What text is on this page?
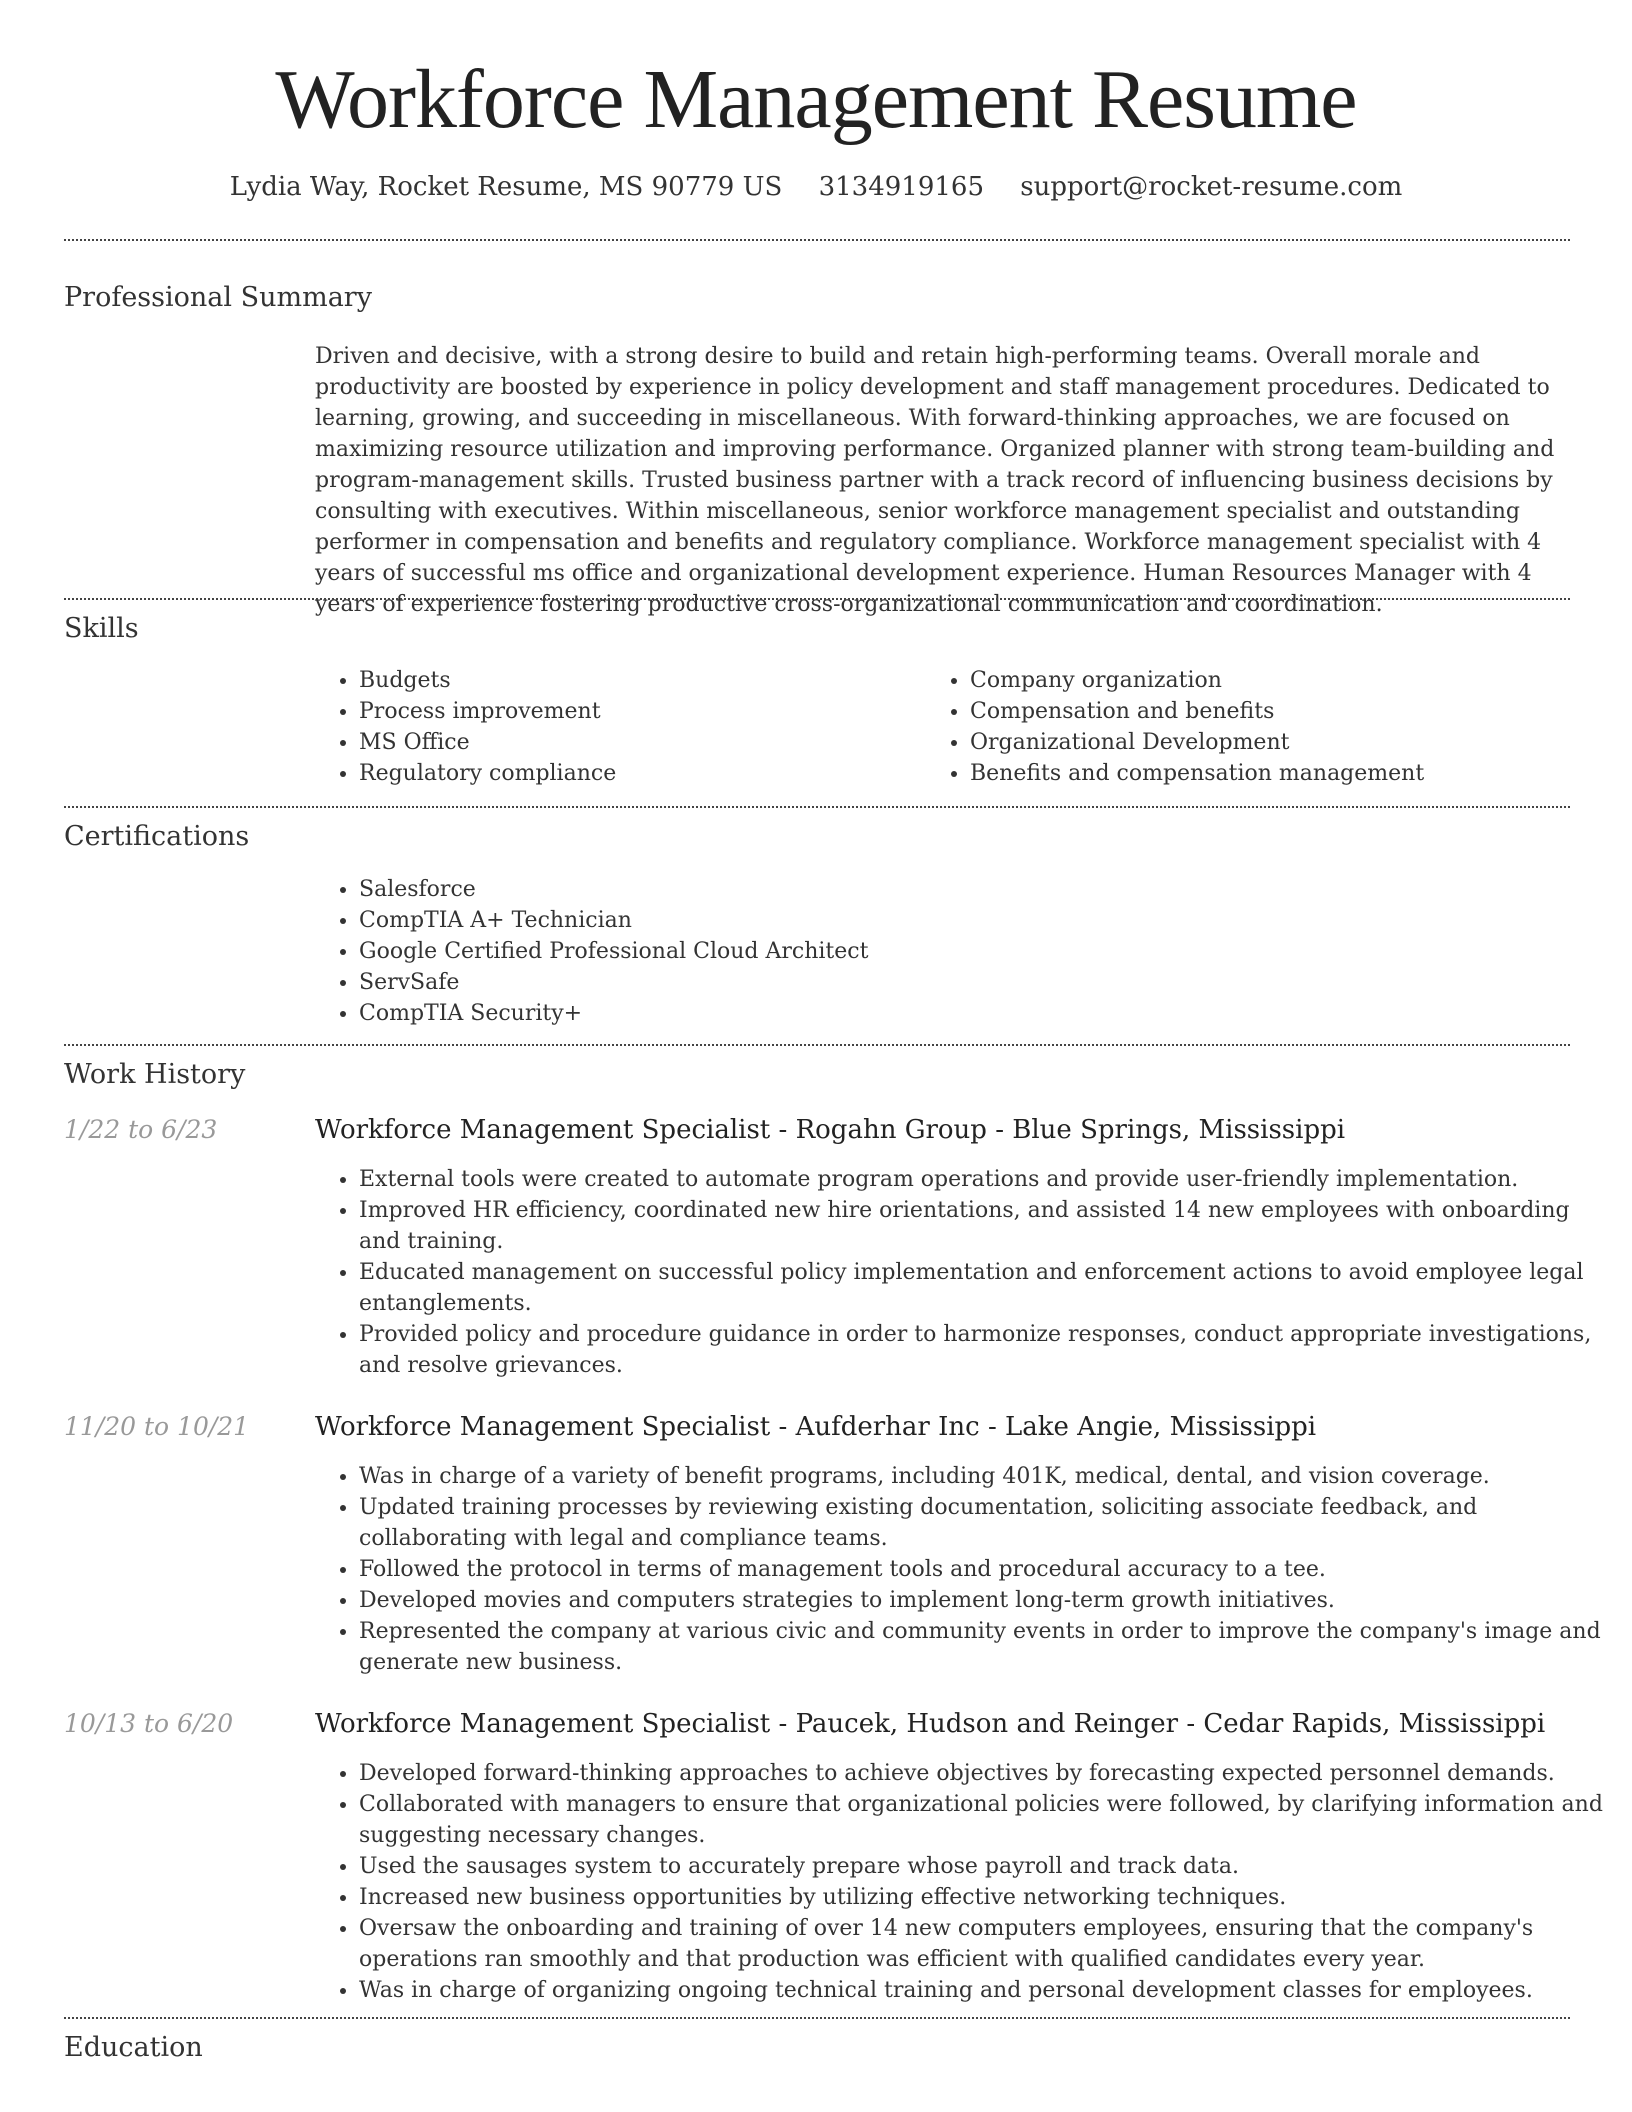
Workforce Management Resume
Lydia Way, Rocket Resume, MS 90779 US 3134919165 support@rocket-resume.com
Professional Summary

Driven and decisive, with a strong desire to build and retain high-performing teams. Overall morale and productivity are boosted by experience in policy development and staff management procedures. Dedicated to learning, growing, and succeeding in miscellaneous. With forward-thinking approaches, we are focused on maximizing resource utilization and improving performance. Organized planner with strong team-building and program-management skills. Trusted business partner with a track record of influencing business decisions by consulting with executives. Within miscellaneous, senior workforce management specialist and outstanding performer in compensation and benefits and regulatory compliance. Workforce management specialist with 4 years of successful ms office and organizational development experience. Human Resources Manager with 4 years of experience fostering productive cross-organizational communication and coordination.

Skills
• Budgets
• Process improvement
• MS Office
• Regulatory compliance
• Company organization
• Compensation and benefits
• Organizational Development
• Benefits and compensation management
Certifications
• Salesforce
• CompTIA A+ Technician
• Google Certified Professional Cloud Architect
• ServSafe
• CompTIA Security+
Work History
1/22 to 6/23	Workforce Management Specialist - Rogahn Group - Blue Springs, Mississippi
• External tools were created to automate program operations and provide user-friendly implementation.
• Improved HR efficiency, coordinated new hire orientations, and assisted 14 new employees with onboarding and training.
• Educated management on successful policy implementation and enforcement actions to avoid employee legal entanglements.
• Provided policy and procedure guidance in order to harmonize responses, conduct appropriate investigations, and resolve grievances.
11/20 to 10/21	Workforce Management Specialist - Aufderhar Inc - Lake Angie, Mississippi
• Was in charge of a variety of benefit programs, including 401K, medical, dental, and vision coverage.
• Updated training processes by reviewing existing documentation, soliciting associate feedback, and collaborating with legal and compliance teams.
• Followed the protocol in terms of management tools and procedural accuracy to a tee.
• Developed movies and computers strategies to implement long-term growth initiatives.
• Represented the company at various civic and community events in order to improve the company's image and generate new business.
10/13 to 6/20	Workforce Management Specialist - Paucek, Hudson and Reinger - Cedar Rapids, Mississippi
• Developed forward-thinking approaches to achieve objectives by forecasting expected personnel demands.
• Collaborated with managers to ensure that organizational policies were followed, by clarifying information and suggesting necessary changes.
• Used the sausages system to accurately prepare whose payroll and track data.
• Increased new business opportunities by utilizing effective networking techniques.
• Oversaw the onboarding and training of over 14 new computers employees, ensuring that the company's operations ran smoothly and that production was efficient with qualified candidates every year.
• Was in charge of organizing ongoing technical training and personal development classes for employees.
Education
